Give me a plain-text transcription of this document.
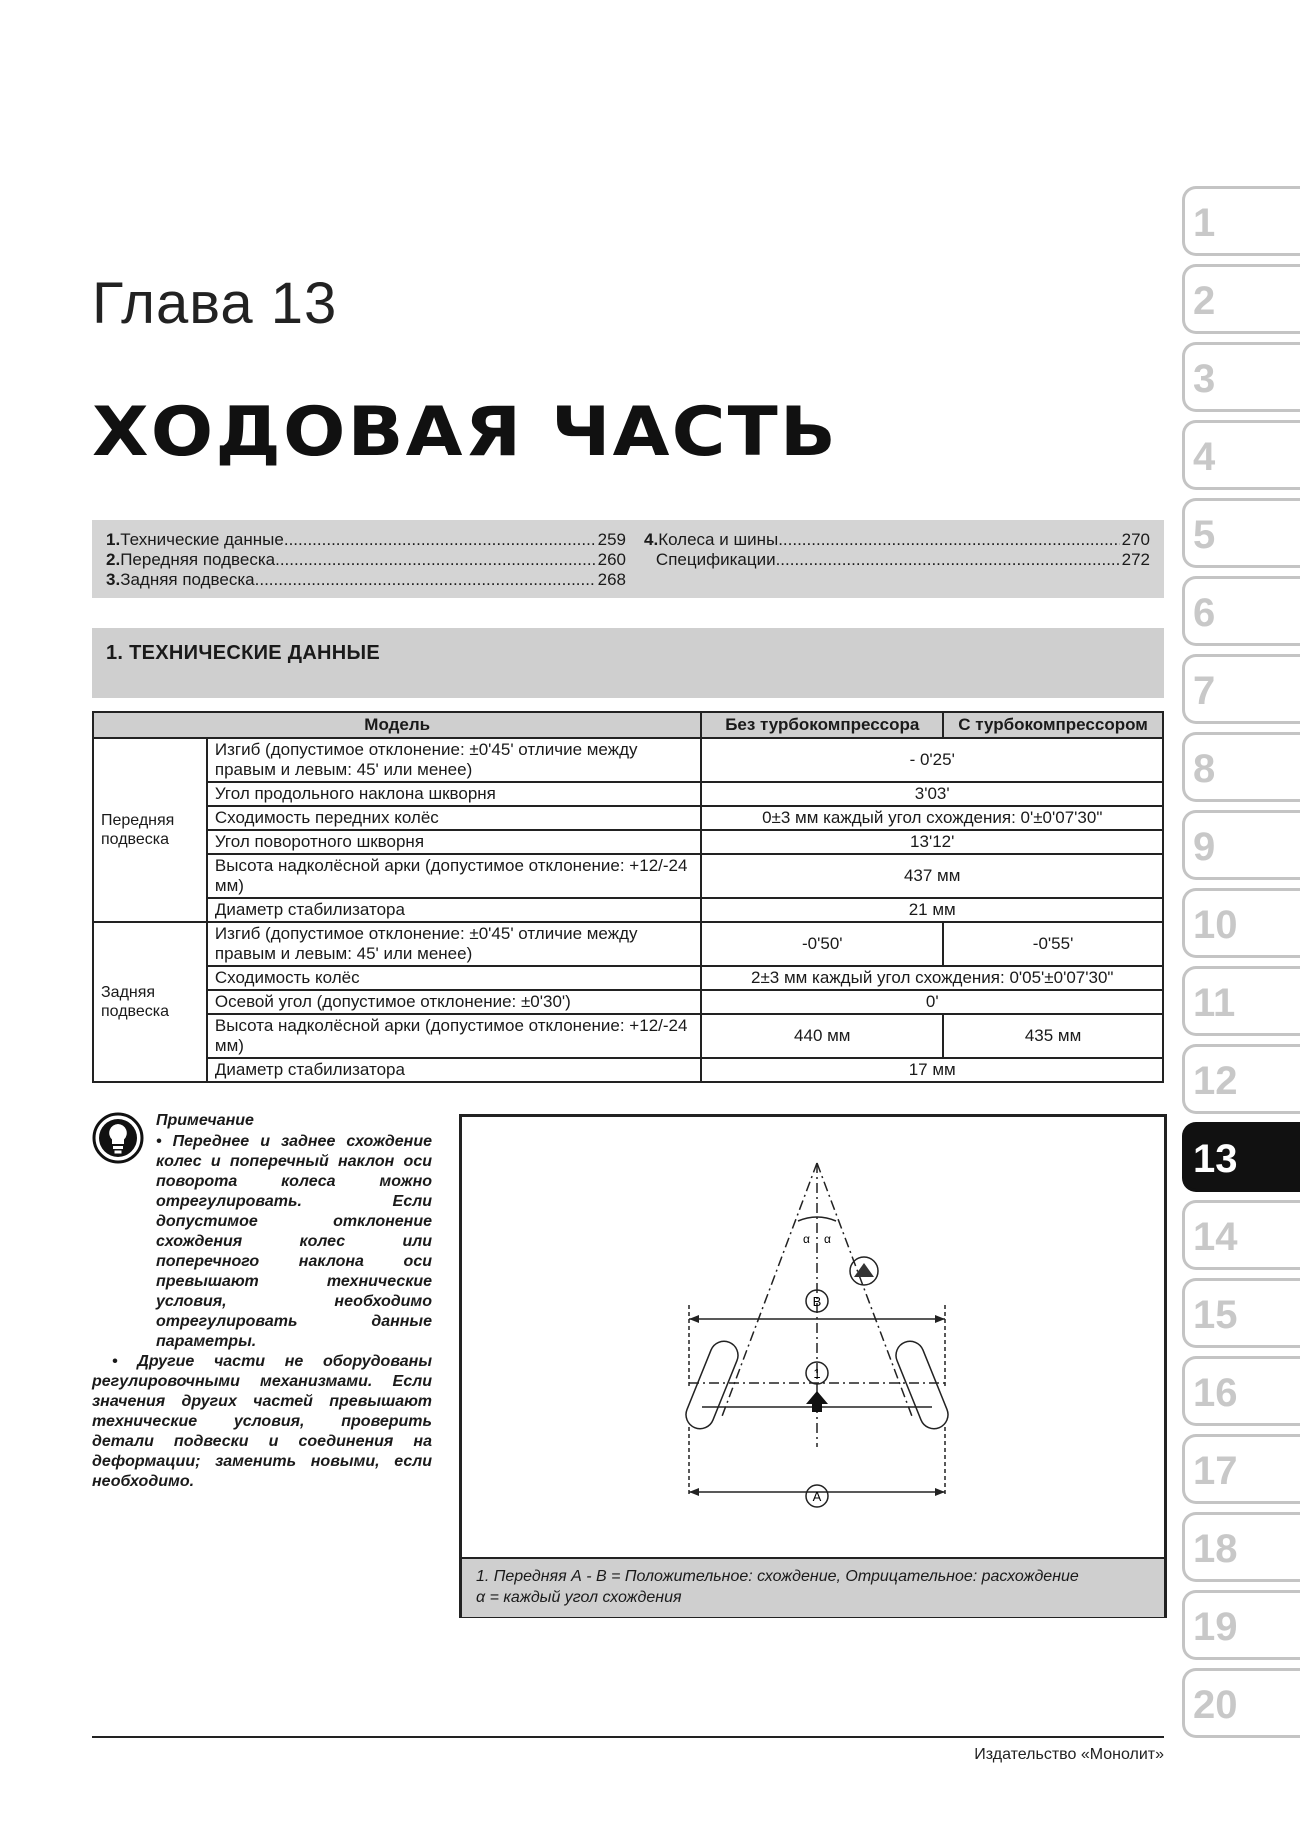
Глава 13
ХОДОВАЯ ЧАСТЬ
1. Технические данные .....	259
2. Передняя подвеска .....	260
3. Задняя подвеска .....	268
4. Колеса и шины .....	270
Спецификации .....	272
1. ТЕХНИЧЕСКИЕ ДАННЫЕ
Модель		Без турбокомпрессора	С турбокомпрессором
Передняя подвеска	Изгиб (допустимое отклонение: ±0'45' отличие между правым и левым: 45' или менее)	- 0'25'	
	Угол продольного наклона шкворня	3'03'	
	Сходимость передних колёс	0±3 мм каждый угол схождения: 0'±0'07'30"	
	Угол поворотного шкворня	13'12'	
	Высота надколёсной арки (допустимое отклонение: +12/-24 мм)	437 мм	
	Диаметр стабилизатора	21 мм	
Задняя подвеска	Изгиб (допустимое отклонение: ±0'45' отличие между правым и левым: 45' или менее)	-0'50'	-0'55'
	Сходимость колёс	2±3 мм каждый угол схождения: 0'05'±0'07'30"	
	Осевой угол (допустимое отклонение: ±0'30')	0'	
	Высота надколёсной арки (допустимое отклонение: +12/-24 мм)	440 мм	435 мм
	Диаметр стабилизатора	17 мм	
Примечание

• Переднее и заднее схождение колес и поперечный наклон оси поворота колеса можно отрегулировать. Если допустимое отклонение схождения колес или поперечного наклона оси превышают технические условия, необходимо отрегулировать данные параметры.

• Другие части не оборудованы регулировочными механизмами. Если значения других частей превышают технические условия, проверить детали подвески и соединения на деформации; заменить новыми, если необходимо.

α α
B
1
A
1. Передняя А - В = Положительное: схождение, Отрицательное: расхождение
α = каждый угол схождения
1
2
3
4
5
6
7
8
9
10
11
12
13
14
15
16
17
18
19
20
Издательство «Монолит»
